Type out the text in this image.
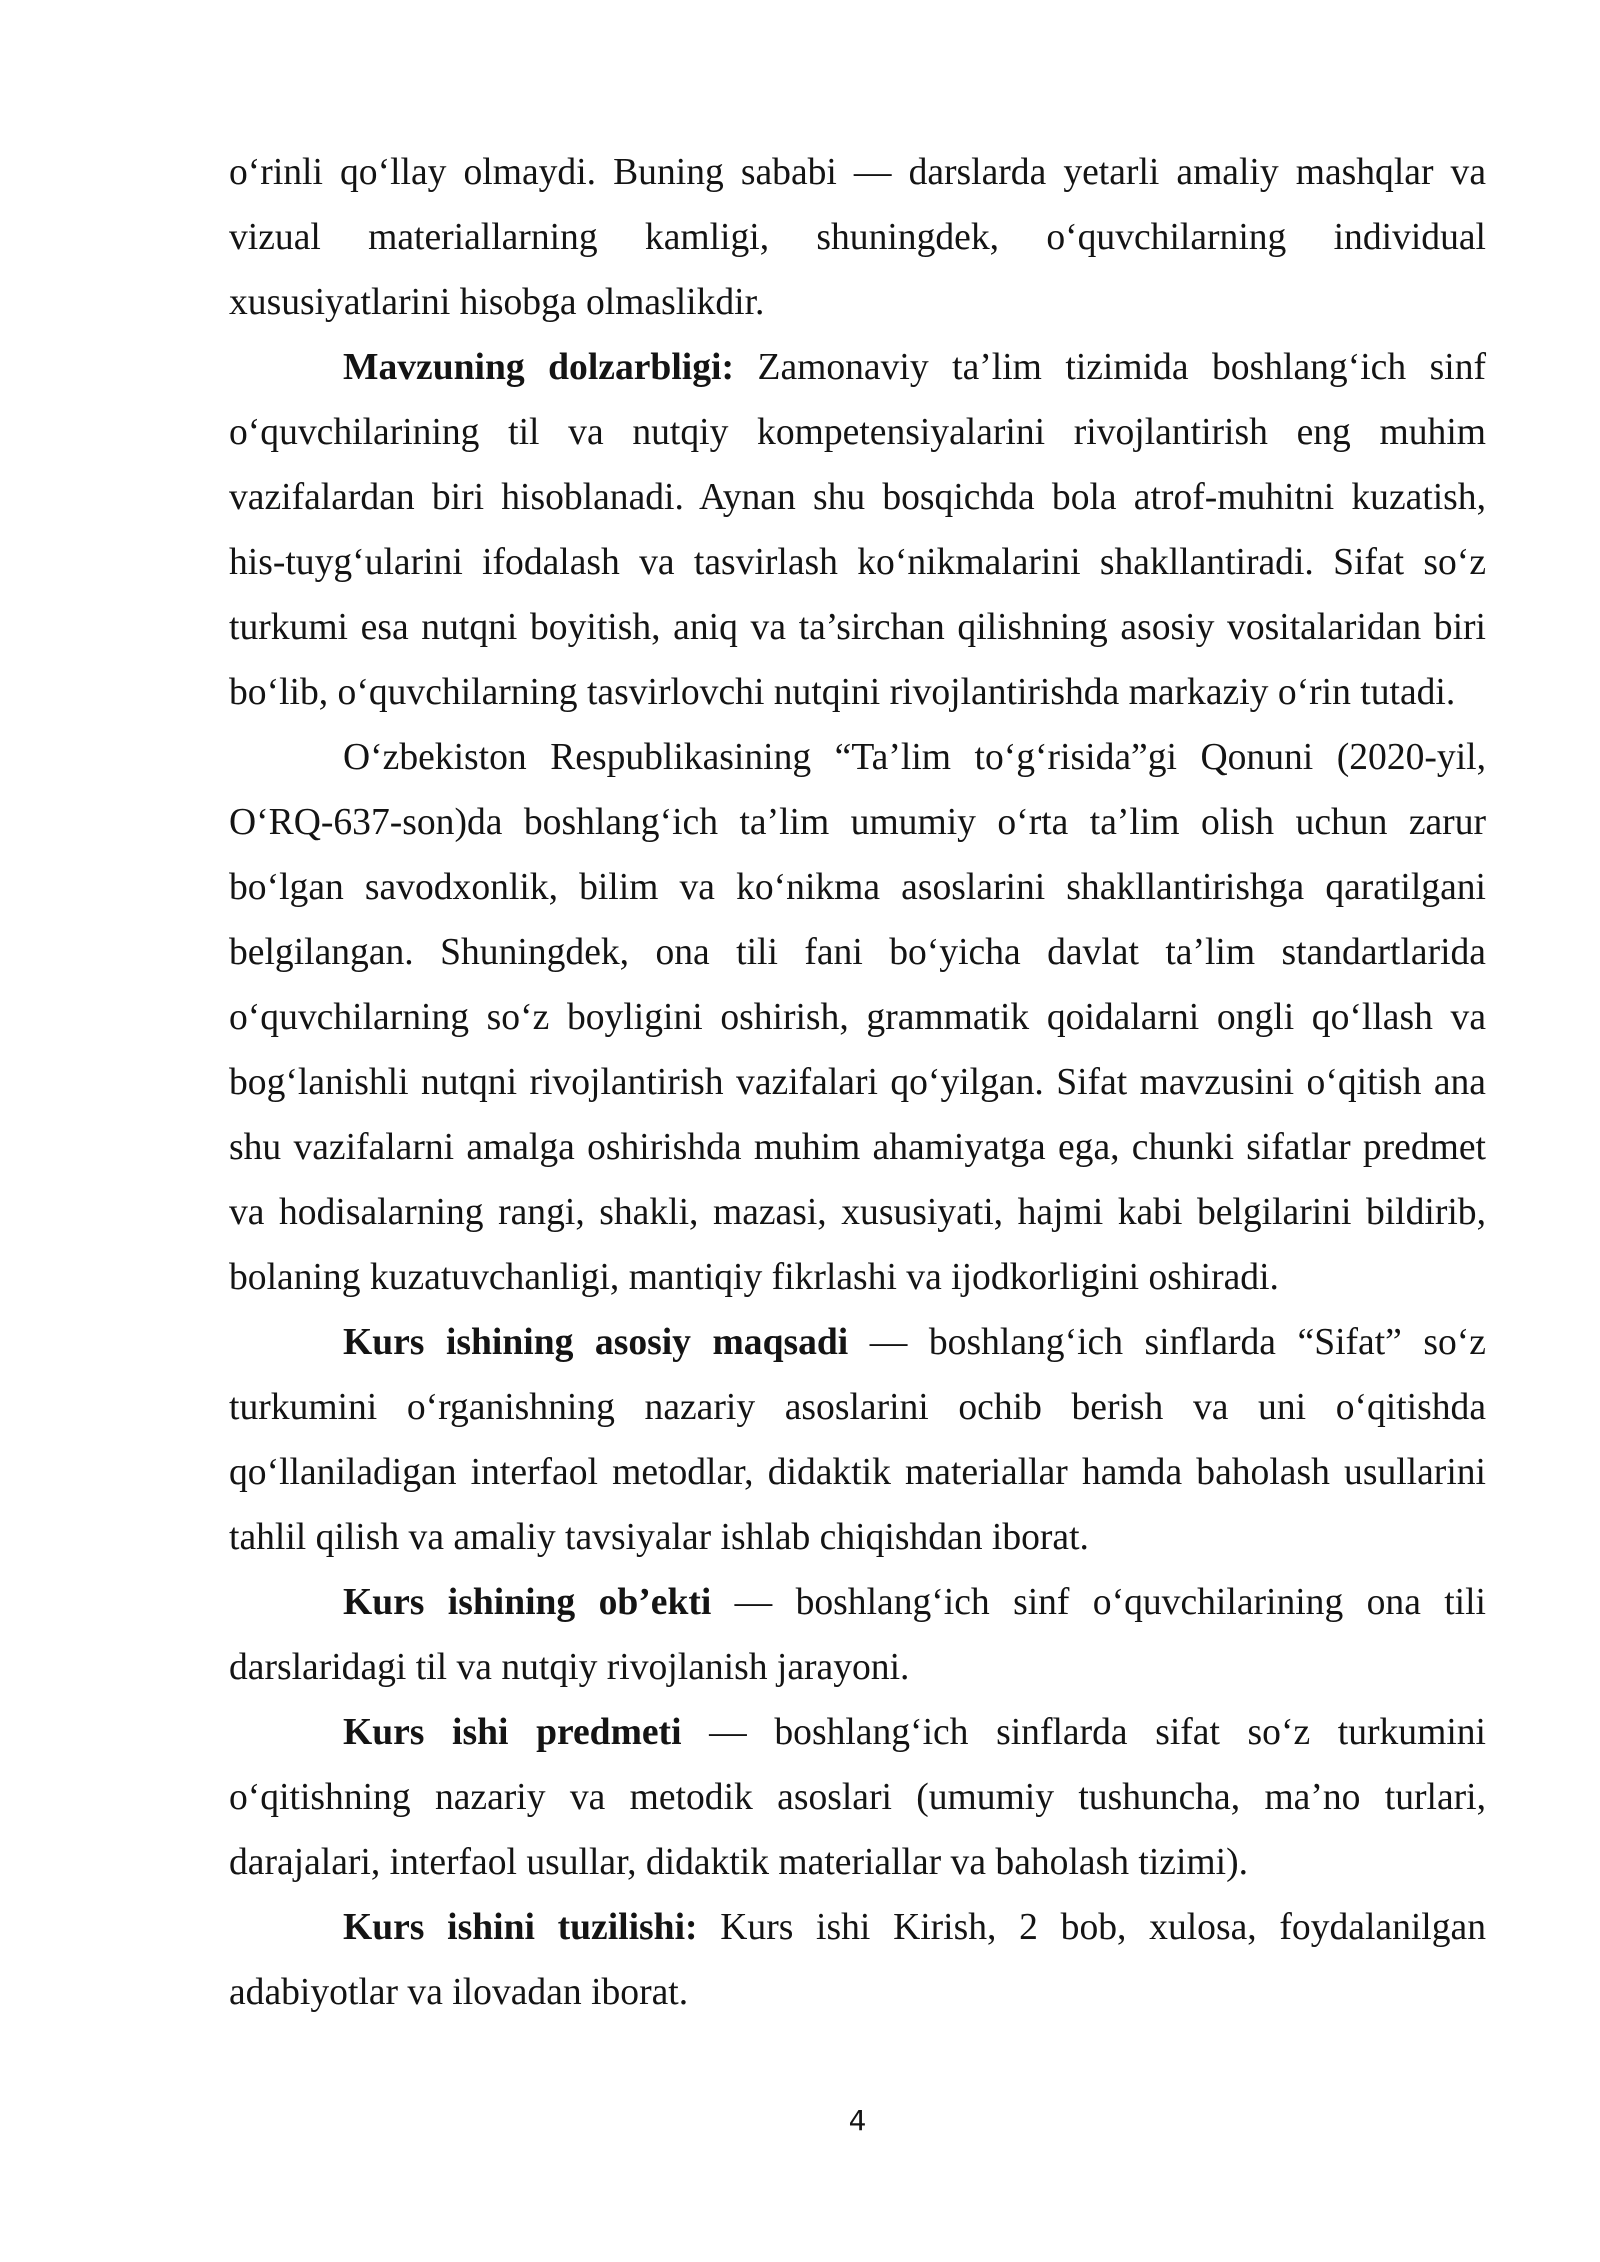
o‘rinli qo‘llay olmaydi. Buning sababi — darslarda yetarli amaliy mashqlar va
vizual materiallarning kamligi, shuningdek, o‘quvchilarning individual
xususiyatlarini hisobga olmaslikdir.
Mavzuning dolzarbligi: Zamonaviy ta’lim tizimida boshlang‘ich sinf
o‘quvchilarining til va nutqiy kompetensiyalarini rivojlantirish eng muhim
vazifalardan biri hisoblanadi. Aynan shu bosqichda bola atrof-muhitni kuzatish,
his-tuyg‘ularini ifodalash va tasvirlash ko‘nikmalarini shakllantiradi. Sifat so‘z
turkumi esa nutqni boyitish, aniq va ta’sirchan qilishning asosiy vositalaridan biri
bo‘lib, o‘quvchilarning tasvirlovchi nutqini rivojlantirishda markaziy o‘rin tutadi.
O‘zbekiston Respublikasining “Ta’lim to‘g‘risida”gi Qonuni (2020-yil,
O‘RQ-637-son)da boshlang‘ich ta’lim umumiy o‘rta ta’lim olish uchun zarur
bo‘lgan savodxonlik, bilim va ko‘nikma asoslarini shakllantirishga qaratilgani
belgilangan. Shuningdek, ona tili fani bo‘yicha davlat ta’lim standartlarida
o‘quvchilarning so‘z boyligini oshirish, grammatik qoidalarni ongli qo‘llash va
bog‘lanishli nutqni rivojlantirish vazifalari qo‘yilgan. Sifat mavzusini o‘qitish ana
shu vazifalarni amalga oshirishda muhim ahamiyatga ega, chunki sifatlar predmet
va hodisalarning rangi, shakli, mazasi, xususiyati, hajmi kabi belgilarini bildirib,
bolaning kuzatuvchanligi, mantiqiy fikrlashi va ijodkorligini oshiradi.
Kurs ishining asosiy maqsadi — boshlang‘ich sinflarda “Sifat” so‘z
turkumini o‘rganishning nazariy asoslarini ochib berish va uni o‘qitishda
qo‘llaniladigan interfaol metodlar, didaktik materiallar hamda baholash usullarini
tahlil qilish va amaliy tavsiyalar ishlab chiqishdan iborat.
Kurs ishining ob’ekti — boshlang‘ich sinf o‘quvchilarining ona tili
darslaridagi til va nutqiy rivojlanish jarayoni.
Kurs ishi predmeti — boshlang‘ich sinflarda sifat so‘z turkumini
o‘qitishning nazariy va metodik asoslari (umumiy tushuncha, ma’no turlari,
darajalari, interfaol usullar, didaktik materiallar va baholash tizimi).
Kurs ishini tuzilishi: Kurs ishi Kirish, 2 bob, xulosa, foydalanilgan
adabiyotlar va ilovadan iborat.
4
